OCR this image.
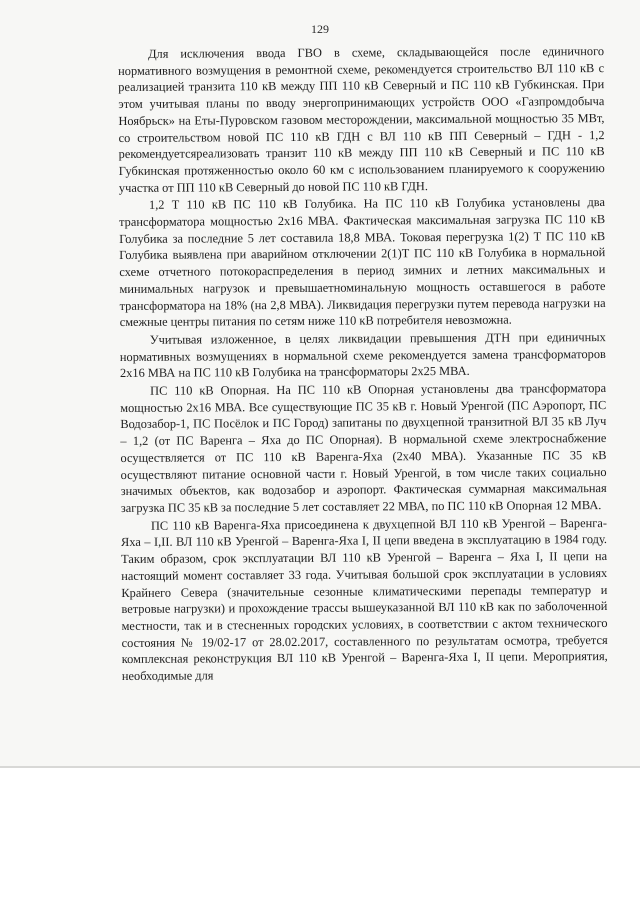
129

Для исключения ввода ГВО в схеме, складывающейся после единичного нормативного возмущения в ремонтной схеме, рекомендуется строительство ВЛ 110 кВ с реализацией транзита 110 кВ между ПП 110 кВ Северный и ПС 110 кВ Губкинская. При этом учитывая планы по вводу энергопринимающих устройств ООО «Газпромдобыча Ноябрьск» на Еты-Пуровском газовом месторождении, максимальной мощностью 35 МВт, со строительством новой ПС 110 кВ ГДН с ВЛ 110 кВ ПП Северный – ГДН - 1,2 рекомендуетсяреализовать транзит 110 кВ между ПП 110 кВ Северный и ПС 110 кВ Губкинская протяженностью около 60 км с использованием планируемого к сооружению участка от ПП 110 кВ Северный до новой ПС 110 кВ ГДН.

1,2 Т 110 кВ ПС 110 кВ Голубика. На ПС 110 кВ Голубика установлены два трансформатора мощностью 2х16 МВА. Фактическая максимальная загрузка ПС 110 кВ Голубика за последние 5 лет составила 18,8 МВА. Токовая перегрузка 1(2) Т ПС 110 кВ Голубика выявлена при аварийном отключении 2(1)Т ПС 110 кВ Голубика в нормальной схеме отчетного потокораспределения в период зимних и летних максимальных и минимальных нагрузок и превышаетноминальную мощность оставшегося в работе трансформатора на 18% (на 2,8 МВА). Ликвидация перегрузки путем перевода нагрузки на смежные центры питания по сетям ниже 110 кВ потребителя невозможна.

Учитывая изложенное, в целях ликвидации превышения ДТН при единичных нормативных возмущениях в нормальной схеме рекомендуется замена трансформаторов 2х16 МВА на ПС 110 кВ Голубика на трансформаторы 2х25 МВА.

ПС 110 кВ Опорная. На ПС 110 кВ Опорная установлены два трансформатора мощностью 2х16 МВА. Все существующие ПС 35 кВ г. Новый Уренгой (ПС Аэропорт, ПС Водозабор-1, ПС Посёлок и ПС Город) запитаны по двухцепной транзитной ВЛ 35 кВ Луч – 1,2 (от ПС Варенга – Яха до ПС Опорная). В нормальной схеме электроснабжение осуществляется от ПС 110 кВ Варенга-Яха (2х40 МВА). Указанные ПС 35 кВ осуществляют питание основной части г. Новый Уренгой, в том числе таких социально значимых объектов, как водозабор и аэропорт. Фактическая суммарная максимальная загрузка ПС 35 кВ за последние 5 лет составляет 22 МВА, по ПС 110 кВ Опорная 12 МВА.

ПС 110 кВ Варенга-Яха присоединена к двухцепной ВЛ 110 кВ Уренгой – Варенга-Яха – I,II. ВЛ 110 кВ Уренгой – Варенга-Яха I, II цепи введена в эксплуатацию в 1984 году. Таким образом, срок эксплуатации ВЛ 110 кВ Уренгой – Варенга – Яха I, II цепи на настоящий момент составляет 33 года. Учитывая большой срок эксплуатации в условиях Крайнего Севера (значительные сезонные климатическими перепады температур и ветровые нагрузки) и прохождение трассы вышеуказанной ВЛ 110 кВ как по заболоченной местности, так и в стесненных городских условиях, в соответствии с актом технического состояния № 19/02-17 от 28.02.2017, составленного по результатам осмотра, требуется комплексная реконструкция ВЛ 110 кВ Уренгой – Варенга-Яха I, II цепи. Мероприятия, необходимые для
